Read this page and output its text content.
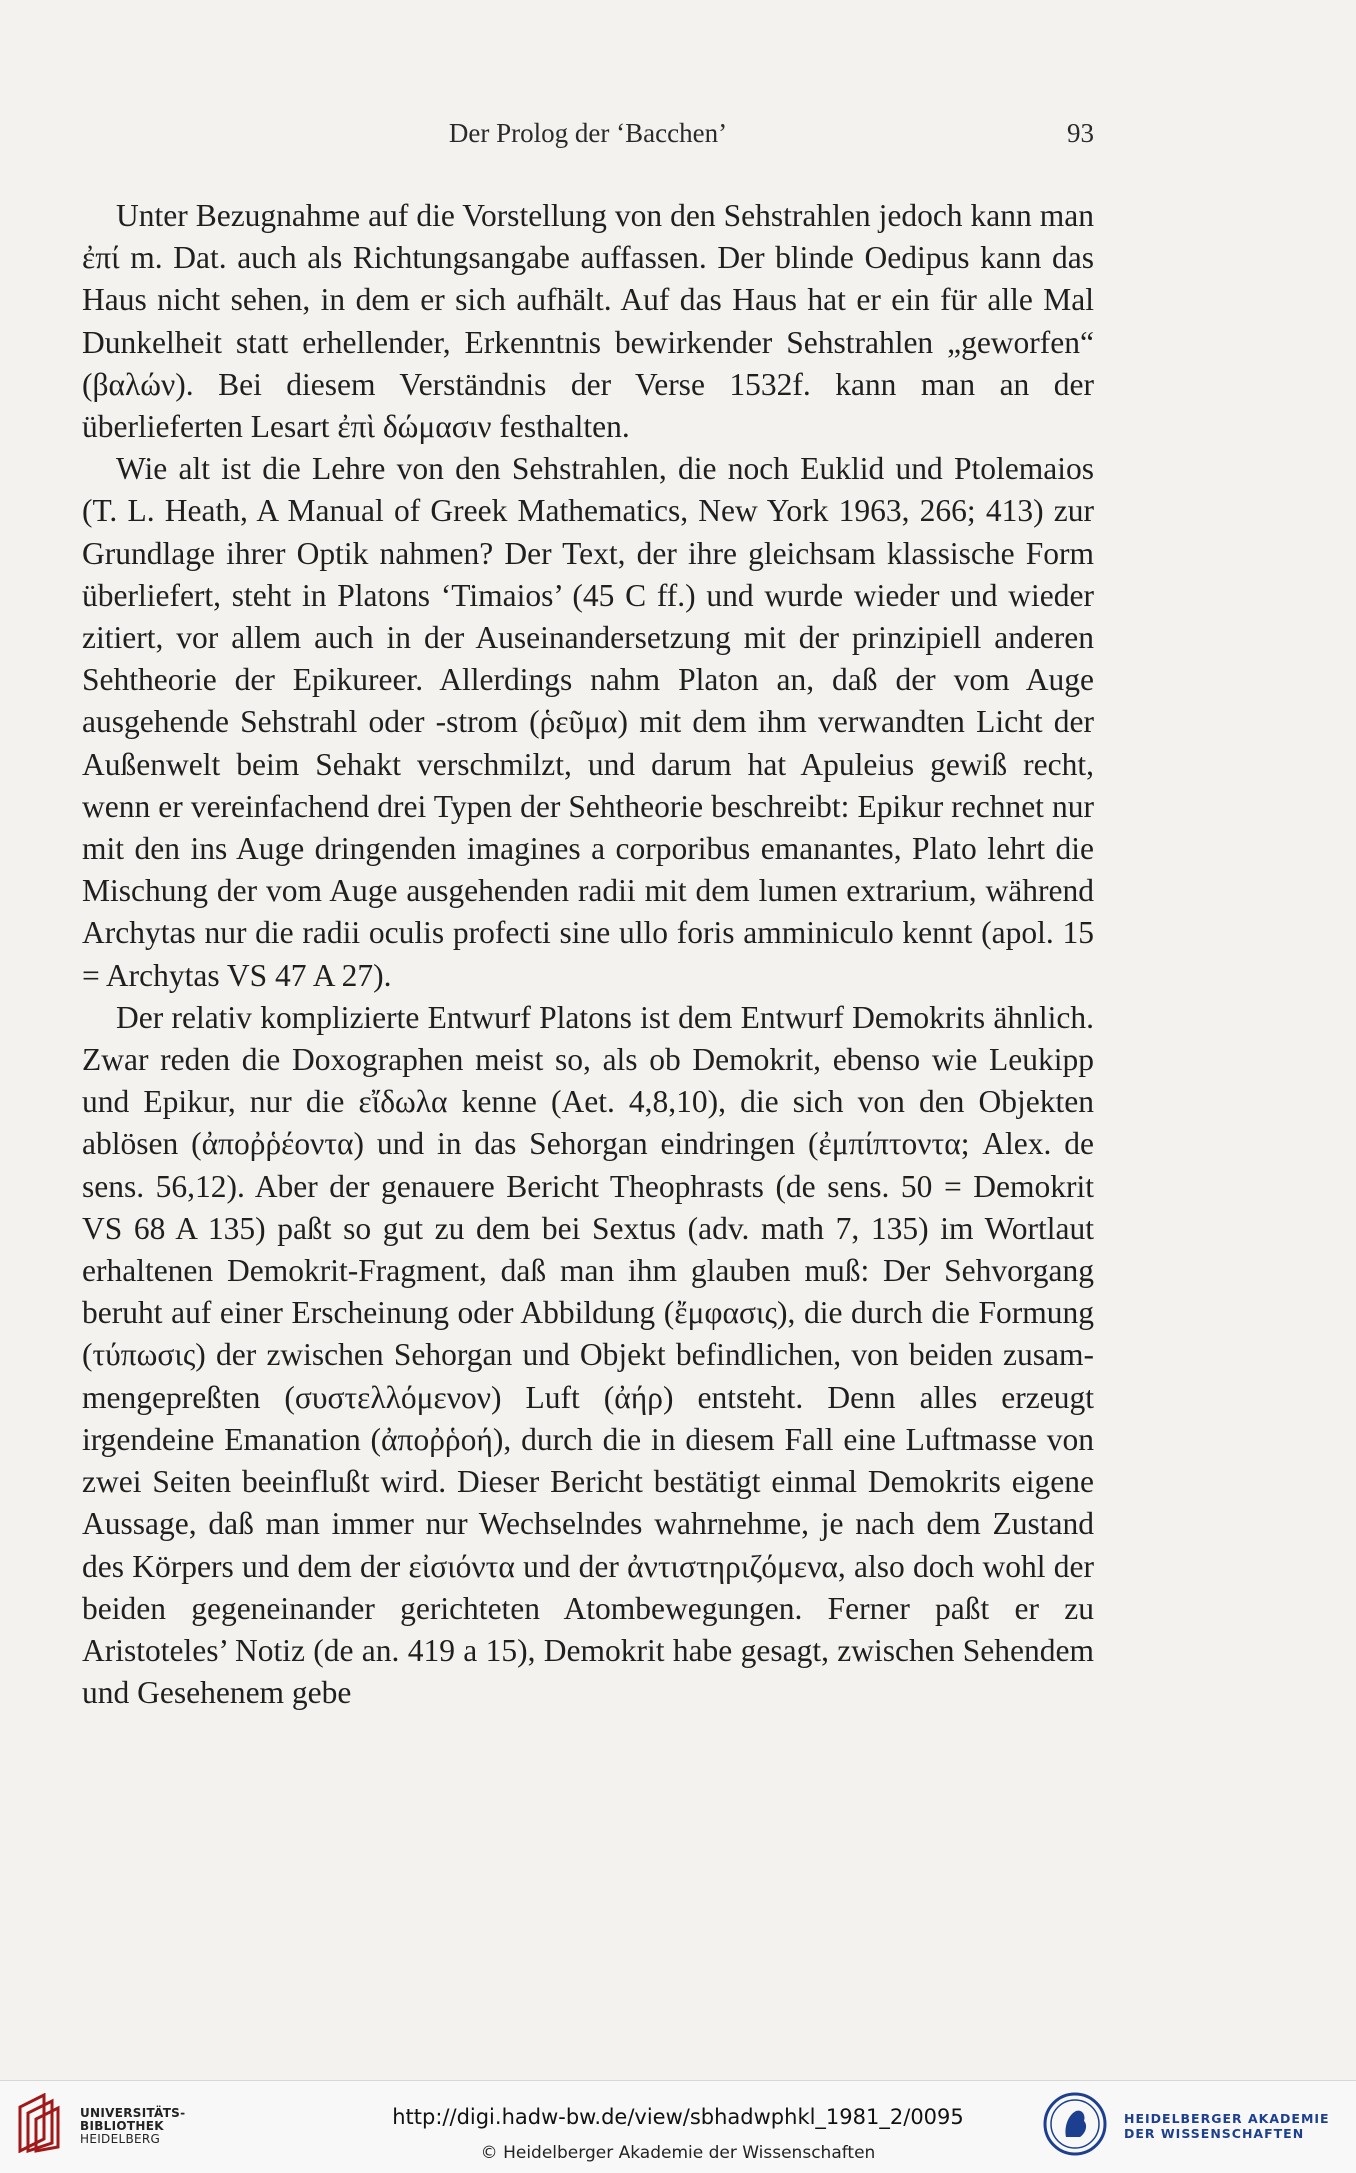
Der Prolog der ‘Bacchen’	93

Unter Bezugnahme auf die Vorstellung von den Sehstrahlen jedoch kann man ἐπί m. Dat. auch als Richtungsangabe auffassen. Der blinde Oedipus kann das Haus nicht sehen, in dem er sich aufhält. Auf das Haus hat er ein für alle Mal Dunkelheit statt erhellender, Erkenntnis bewirkender Sehstrahlen „geworfen“ (βαλών). Bei diesem Verständnis der Verse 1532f. kann man an der überlieferten Lesart ἐπὶ δώμασιν festhalten.

Wie alt ist die Lehre von den Sehstrahlen, die noch Euklid und Ptolemaios (T. L. Heath, A Manual of Greek Mathematics, New York 1963, 266; 413) zur Grundlage ihrer Optik nahmen? Der Text, der ihre gleichsam klassische Form überliefert, steht in Platons ‘Timaios’ (45 C ff.) und wurde wieder und wieder zitiert, vor allem auch in der Auseinandersetzung mit der prinzipiell anderen Sehtheorie der Epikureer. Allerdings nahm Platon an, daß der vom Auge ausgehende Sehstrahl oder -strom (ῥεῦμα) mit dem ihm verwandten Licht der Außenwelt beim Sehakt verschmilzt, und darum hat Apuleius gewiß recht, wenn er vereinfachend drei Typen der Sehtheorie beschreibt: Epikur rechnet nur mit den ins Auge dringenden imagines a corporibus emanantes, Plato lehrt die Mischung der vom Auge ausgehenden radii mit dem lumen extrarium, während Archytas nur die radii oculis profecti sine ullo foris amminiculo kennt (apol. 15 = Archytas VS 47 A 27).

Der relativ komplizierte Entwurf Platons ist dem Entwurf Demokrits ähnlich. Zwar reden die Doxographen meist so, als ob Demokrit, ebenso wie Leukipp und Epikur, nur die εἴδωλα kenne (Aet. 4,8,10), die sich von den Objekten ablösen (ἀποῤῥέοντα) und in das Sehorgan eindringen (ἐμπίπτοντα; Alex. de sens. 56,12). Aber der genauere Bericht Theophrasts (de sens. 50 = Demokrit VS 68 A 135) paßt so gut zu dem bei Sextus (adv. math 7, 135) im Wortlaut erhaltenen Demokrit-Fragment, daß man ihm glauben muß: Der Sehvorgang beruht auf einer Erscheinung oder Abbildung (ἔμφασις), die durch die Formung (τύπωσις) der zwischen Sehorgan und Objekt befindlichen, von beiden zusammengepreßten (συστελλόμενον) Luft (ἀήρ) entsteht. Denn alles erzeugt irgendeine Emanation (ἀποῤῥοή), durch die in diesem Fall eine Luftmasse von zwei Seiten beeinflußt wird. Dieser Bericht bestätigt einmal Demokrits eigene Aussage, daß man immer nur Wechselndes wahrnehme, je nach dem Zustand des Körpers und dem der εἰσιόντα und der ἀντιστηριζόμενα, also doch wohl der beiden gegeneinander gerichteten Atombewegungen. Ferner paßt er zu Aristoteles’ Notiz (de an. 419 a 15), Demokrit habe gesagt, zwischen Sehendem und Gesehenem gebe

UNIVERSITÄTS-
BIBLIOTHEK
HEIDELBERG
http://digi.hadw-bw.de/view/sbhadwphkl_1981_2/0095
© Heidelberger Akademie der Wissenschaften
HEIDELBERGER AKADEMIE
DER WISSENSCHAFTEN
